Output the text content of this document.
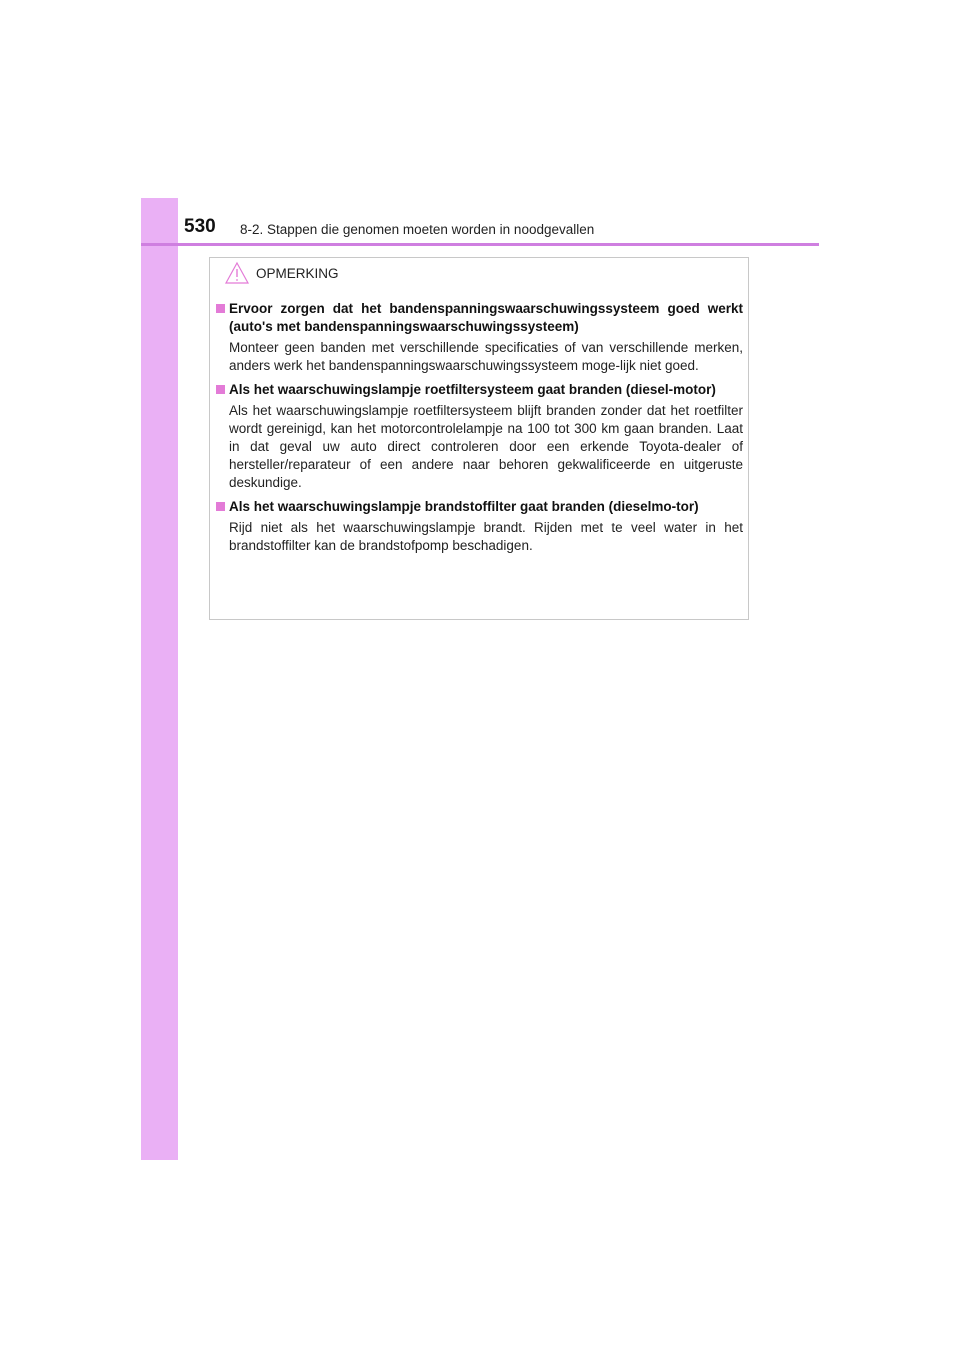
530 8-2. Stappen die genomen moeten worden in noodgevallen
OPMERKING
Ervoor zorgen dat het bandenspanningswaarschuwingssysteem goed werkt (auto's met bandenspanningswaarschuwingssysteem)
Monteer geen banden met verschillende specificaties of van verschillende merken, anders werk het bandenspanningswaarschuwingssysteem moge-lijk niet goed.
Als het waarschuwingslampje roetfiltersysteem gaat branden (diesel-motor)
Als het waarschuwingslampje roetfiltersysteem blijft branden zonder dat het roetfilter wordt gereinigd, kan het motorcontrolelampje na 100 tot 300 km gaan branden. Laat in dat geval uw auto direct controleren door een erkende Toyota-dealer of hersteller/reparateur of een andere naar behoren gekwalificeerde en uitgeruste deskundige.
Als het waarschuwingslampje brandstoffilter gaat branden (dieselmo-tor)
Rijd niet als het waarschuwingslampje brandt. Rijden met te veel water in het brandstoffilter kan de brandstofpomp beschadigen.
